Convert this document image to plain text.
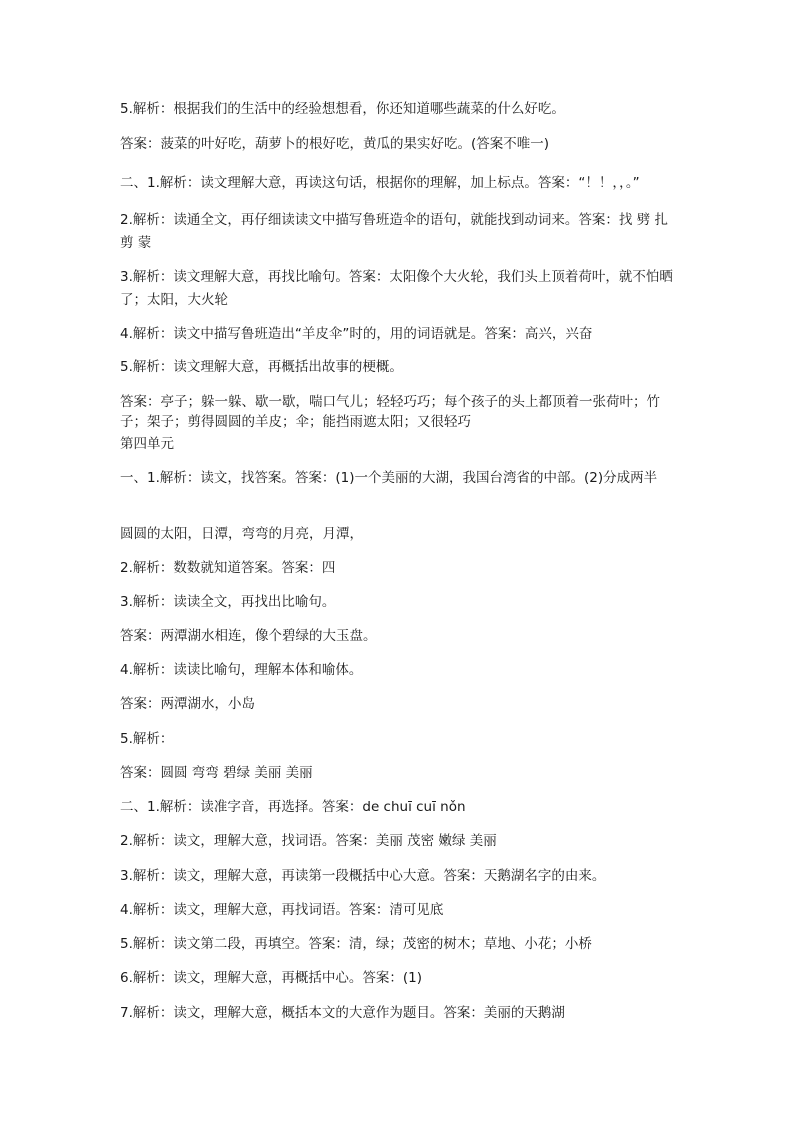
5.解析：根据我们的生活中的经验想想看，你还知道哪些蔬菜的什么好吃。
答案：菠菜的叶好吃，葫萝卜的根好吃，黄瓜的果实好吃。(答案不唯一)
二、1.解析：读文理解大意，再读这句话，根据你的理解，加上标点。答案：“！！，，。”
2.解析：读通全文，再仔细读读文中描写鲁班造伞的语句，就能找到动词来。答案：找 劈 扎 剪 蒙
3.解析：读文理解大意，再找比喻句。答案：太阳像个大火轮，我们头上顶着荷叶，就不怕晒了；太阳，大火轮
4.解析：读文中描写鲁班造出“羊皮伞”时的，用的词语就是。答案：高兴，兴奋
5.解析：读文理解大意，再概括出故事的梗概。
答案：亭子；躲一躲、歇一歇，喘口气儿；轻轻巧巧；每个孩子的头上都顶着一张荷叶；竹子；架子；剪得圆圆的羊皮；伞；能挡雨遮太阳；又很轻巧
第四单元
一、1.解析：读文，找答案。答案：(1)一个美丽的大湖，我国台湾省的中部。(2)分成两半
圆圆的太阳，日潭，弯弯的月亮，月潭，
2.解析：数数就知道答案。答案：四
3.解析：读读全文，再找出比喻句。
答案：两潭湖水相连，像个碧绿的大玉盘。
4.解析：读读比喻句，理解本体和喻体。
答案：两潭湖水，小岛
5.解析：
答案：圆圆 弯弯 碧绿 美丽 美丽
二、1.解析：读准字音，再选择。答案：de chuī cuī nǒn
2.解析：读文，理解大意，找词语。答案：美丽 茂密 嫩绿 美丽
3.解析：读文，理解大意，再读第一段概括中心大意。答案：天鹅湖名字的由来。
4.解析：读文，理解大意，再找词语。答案：清可见底
5.解析：读文第二段，再填空。答案：清，绿；茂密的树木；草地、小花；小桥
6.解析：读文，理解大意，再概括中心。答案：(1)
7.解析：读文，理解大意，概括本文的大意作为题目。答案：美丽的天鹅湖
